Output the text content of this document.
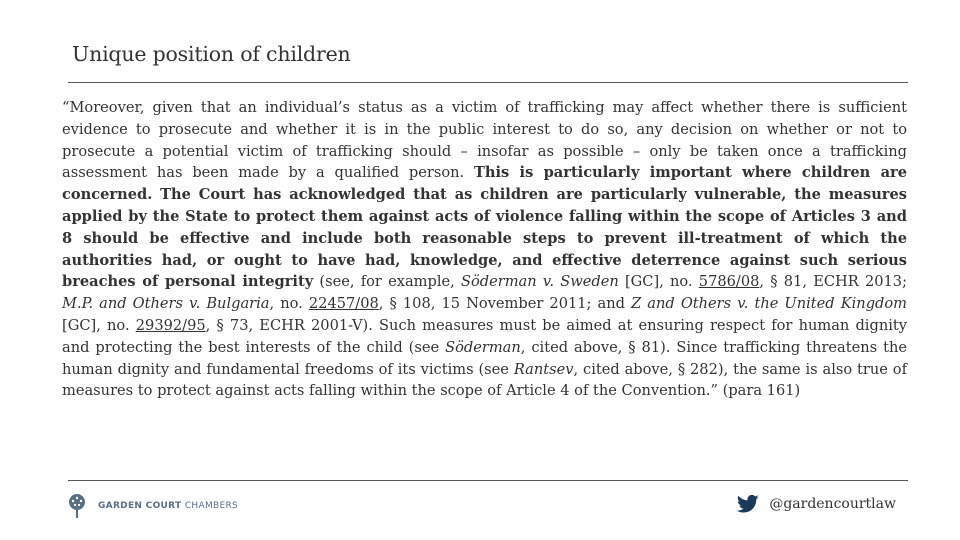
Unique position of children
“Moreover, given that an individual’s status as a victim of trafficking may affect whether there is sufficient evidence to prosecute and whether it is in the public interest to do so, any decision on whether or not to prosecute a potential victim of trafficking should – insofar as possible – only be taken once a trafficking assessment has been made by a qualified person. This is particularly important where children are concerned. The Court has acknowledged that as children are particularly vulnerable, the measures applied by the State to protect them against acts of violence falling within the scope of Articles 3 and 8 should be effective and include both reasonable steps to prevent ill-treatment of which the authorities had, or ought to have had, knowledge, and effective deterrence against such serious breaches of personal integrity (see, for example, Söderman v. Sweden [GC], no. 5786/08, § 81, ECHR 2013; M.P. and Others v. Bulgaria, no. 22457/08, § 108, 15 November 2011; and Z and Others v. the United Kingdom [GC], no. 29392/95, § 73, ECHR 2001-V). Such measures must be aimed at ensuring respect for human dignity and protecting the best interests of the child (see Söderman, cited above, § 81). Since trafficking threatens the human dignity and fundamental freedoms of its victims (see Rantsev, cited above, § 282), the same is also true of measures to protect against acts falling within the scope of Article 4 of the Convention.” (para 161)
GARDEN COURT CHAMBERS	@gardencourtlaw
